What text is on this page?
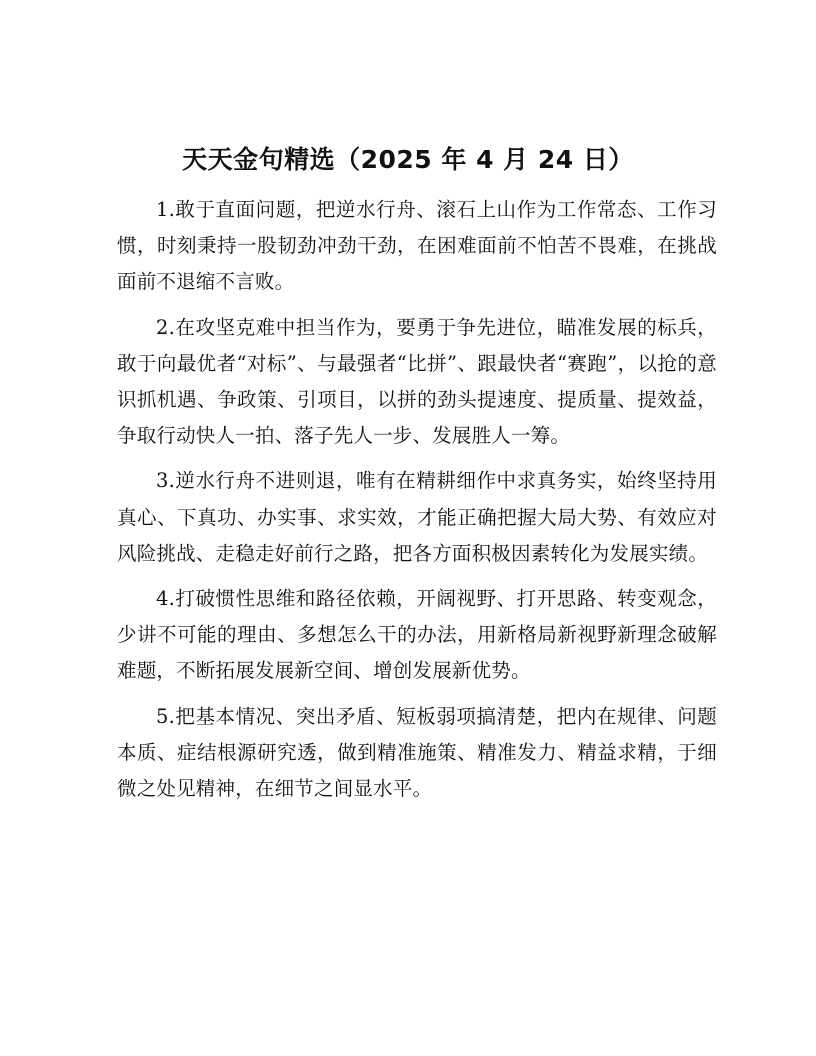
天天金句精选（2025 年 4 月 24 日）

1.敢于直面问题，把逆水行舟、滚石上山作为工作常态、工作习惯，时刻秉持一股韧劲冲劲干劲，在困难面前不怕苦不畏难，在挑战面前不退缩不言败。

2.在攻坚克难中担当作为，要勇于争先进位，瞄准发展的标兵，敢于向最优者“对标”、与最强者“比拼”、跟最快者“赛跑”，以抢的意识抓机遇、争政策、引项目，以拼的劲头提速度、提质量、提效益，争取行动快人一拍、落子先人一步、发展胜人一筹。

3.逆水行舟不进则退，唯有在精耕细作中求真务实，始终坚持用真心、下真功、办实事、求实效，才能正确把握大局大势、有效应对风险挑战、走稳走好前行之路，把各方面积极因素转化为发展实绩。

4.打破惯性思维和路径依赖，开阔视野、打开思路、转变观念，少讲不可能的理由、多想怎么干的办法，用新格局新视野新理念破解难题，不断拓展发展新空间、增创发展新优势。

5.把基本情况、突出矛盾、短板弱项搞清楚，把内在规律、问题本质、症结根源研究透，做到精准施策、精准发力、精益求精，于细微之处见精神，在细节之间显水平。
